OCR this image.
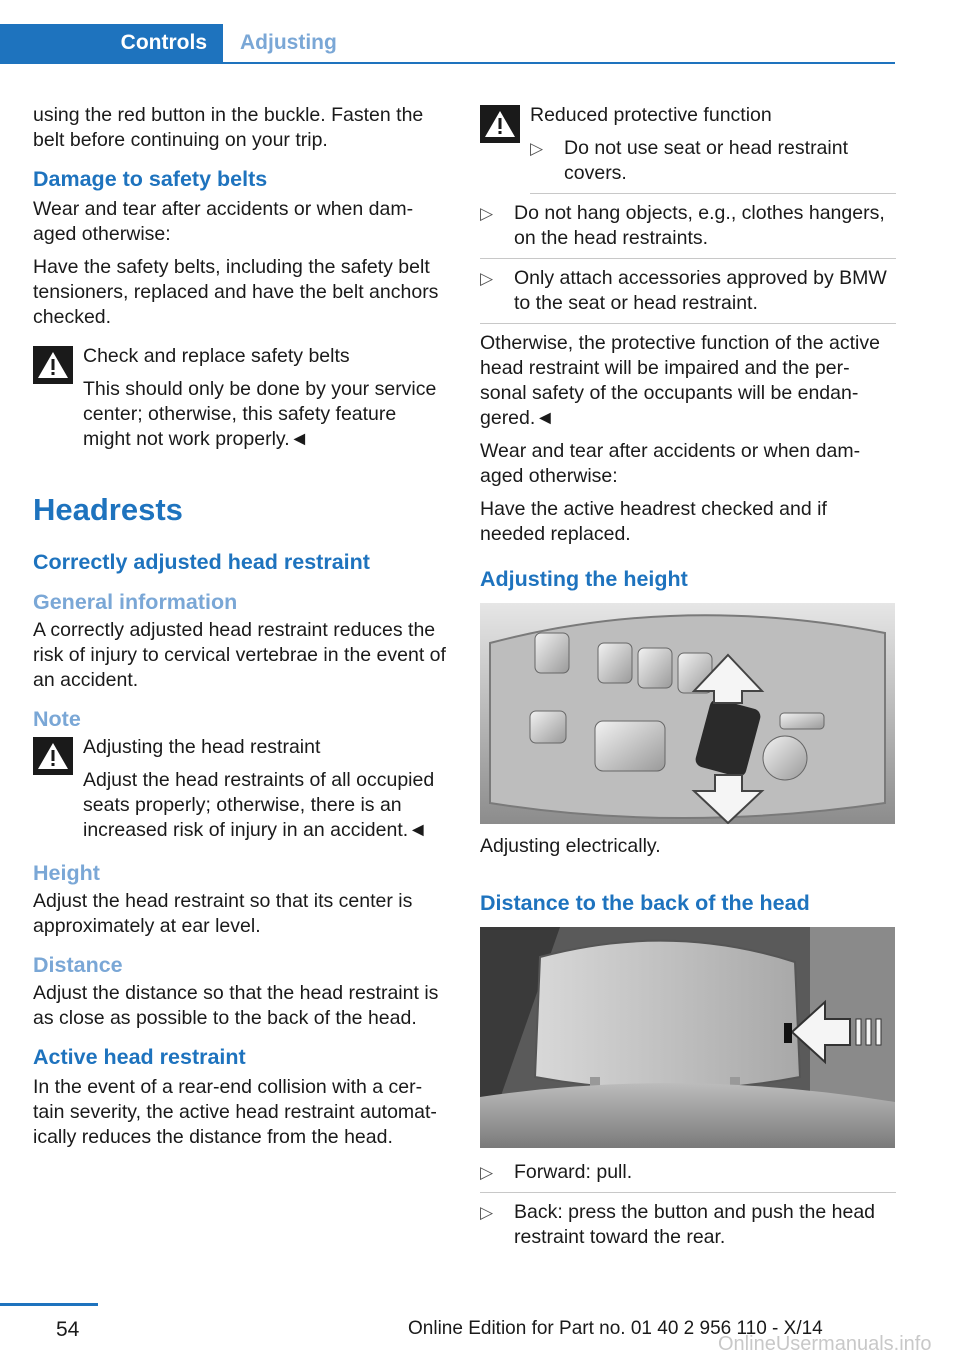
Controls	Adjusting

using the red button in the buckle. Fasten the belt before continuing on your trip.

Damage to safety belts

Wear and tear after accidents or when dam‐aged otherwise:

Have the safety belts, including the safety belt tensioners, replaced and have the belt anchors checked.

Check and replace safety belts

This should only be done by your service center; otherwise, this safety feature might not work properly.◄

Headrests
Correctly adjusted head restraint
General information

A correctly adjusted head restraint reduces the risk of injury to cervical vertebrae in the event of an accident.

Note

Adjusting the head restraint

Adjust the head restraints of all occupied seats properly; otherwise, there is an increased risk of injury in an accident.◄

Height

Adjust the head restraint so that its center is approximately at ear level.

Distance

Adjust the distance so that the head restraint is as close as possible to the back of the head.

Active head restraint

In the event of a rear-end collision with a cer‐tain severity, the active head restraint automat‐ically reduces the distance from the head.

Reduced protective function

▷ Do not use seat or head restraint covers.
▷ Do not hang objects, e.g., clothes hangers, on the head restraints.
▷ Only attach accessories approved by BMW to the seat or head restraint.

Otherwise, the protective function of the active head restraint will be impaired and the per‐sonal safety of the occupants will be endan‐gered.◄

Wear and tear after accidents or when dam‐aged otherwise:

Have the active headrest checked and if needed replaced.

Adjusting the height

Adjusting electrically.

Distance to the back of the head
▷ Forward: pull.
▷ Back: press the button and push the head restraint toward the rear.
54	Online Edition for Part no. 01 40 2 956 110 - X/14
OnlineUsermanuals.info
